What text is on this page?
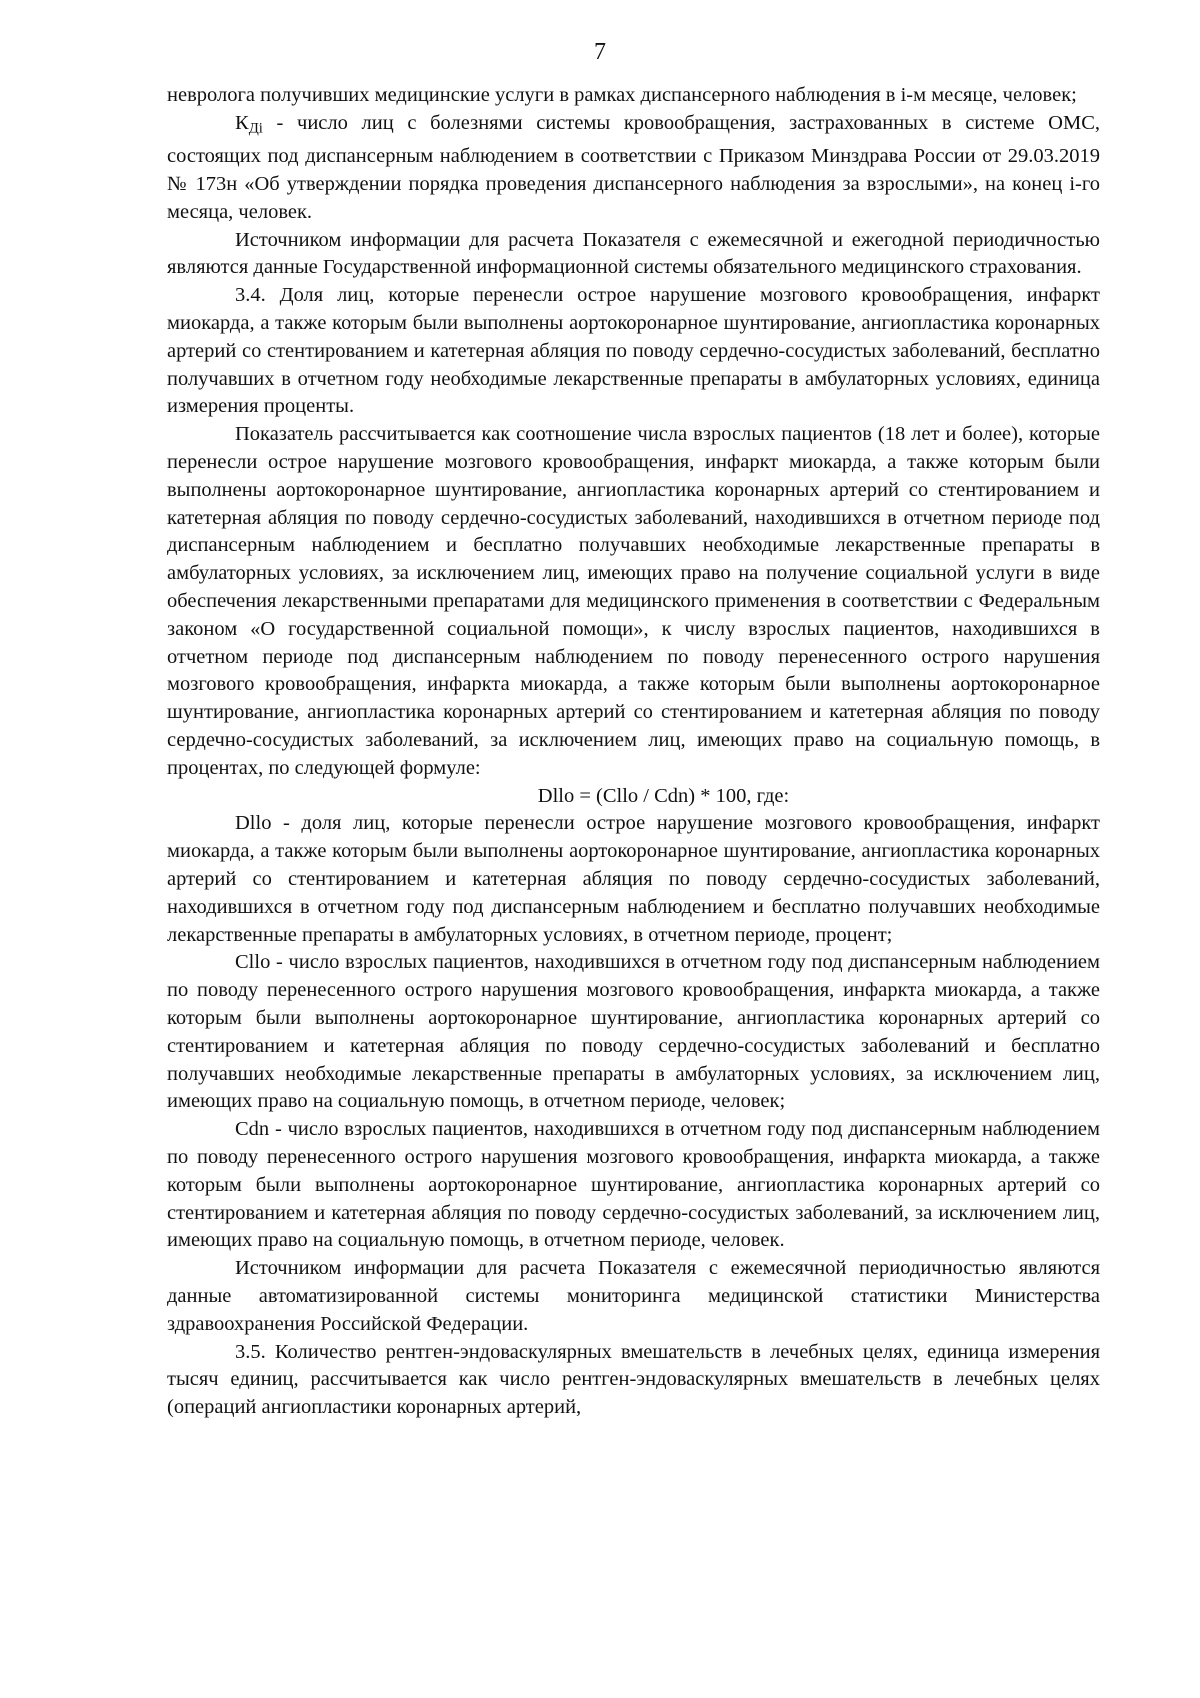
7

невролога получивших медицинские услуги в рамках диспансерного наблюдения в i-м месяце, человек;

КДi - число лиц с болезнями системы кровообращения, застрахованных в системе ОМС, состоящих под диспансерным наблюдением в соответствии с Приказом Минздрава России от 29.03.2019 № 173н «Об утверждении порядка проведения диспансерного наблюдения за взрослыми», на конец i-го месяца, человек.

Источником информации для расчета Показателя с ежемесячной и ежегодной периодичностью являются данные Государственной информационной системы обязательного медицинского страхования.

3.4. Доля лиц, которые перенесли острое нарушение мозгового кровообращения, инфаркт миокарда, а также которым были выполнены аортокоронарное шунтирование, ангиопластика коронарных артерий со стентированием и катетерная абляция по поводу сердечно-сосудистых заболеваний, бесплатно получавших в отчетном году необходимые лекарственные препараты в амбулаторных условиях, единица измерения проценты.

Показатель рассчитывается как соотношение числа взрослых пациентов (18 лет и более), которые перенесли острое нарушение мозгового кровообращения, инфаркт миокарда, а также которым были выполнены аортокоронарное шунтирование, ангиопластика коронарных артерий со стентированием и катетерная абляция по поводу сердечно-сосудистых заболеваний, находившихся в отчетном периоде под диспансерным наблюдением и бесплатно получавших необходимые лекарственные препараты в амбулаторных условиях, за исключением лиц, имеющих право на получение социальной услуги в виде обеспечения лекарственными препаратами для медицинского применения в соответствии с Федеральным законом «О государственной социальной помощи», к числу взрослых пациентов, находившихся в отчетном периоде под диспансерным наблюдением по поводу перенесенного острого нарушения мозгового кровообращения, инфаркта миокарда, а также которым были выполнены аортокоронарное шунтирование, ангиопластика коронарных артерий со стентированием и катетерная абляция по поводу сердечно-сосудистых заболеваний, за исключением лиц, имеющих право на социальную помощь, в процентах, по следующей формуле:

Dllo = (Cllo / Cdn) * 100, где:

Dllo - доля лиц, которые перенесли острое нарушение мозгового кровообращения, инфаркт миокарда, а также которым были выполнены аортокоронарное шунтирование, ангиопластика коронарных артерий со стентированием и катетерная абляция по поводу сердечно-сосудистых заболеваний, находившихся в отчетном году под диспансерным наблюдением и бесплатно получавших необходимые лекарственные препараты в амбулаторных условиях, в отчетном периоде, процент;

Cllo - число взрослых пациентов, находившихся в отчетном году под диспансерным наблюдением по поводу перенесенного острого нарушения мозгового кровообращения, инфаркта миокарда, а также которым были выполнены аортокоронарное шунтирование, ангиопластика коронарных артерий со стентированием и катетерная абляция по поводу сердечно-сосудистых заболеваний и бесплатно получавших необходимые лекарственные препараты в амбулаторных условиях, за исключением лиц, имеющих право на социальную помощь, в отчетном периоде, человек;

Cdn - число взрослых пациентов, находившихся в отчетном году под диспансерным наблюдением по поводу перенесенного острого нарушения мозгового кровообращения, инфаркта миокарда, а также которым были выполнены аортокоронарное шунтирование, ангиопластика коронарных артерий со стентированием и катетерная абляция по поводу сердечно-сосудистых заболеваний, за исключением лиц, имеющих право на социальную помощь, в отчетном периоде, человек.

Источником информации для расчета Показателя с ежемесячной периодичностью являются данные автоматизированной системы мониторинга медицинской статистики Министерства здравоохранения Российской Федерации.

3.5. Количество рентген-эндоваскулярных вмешательств в лечебных целях, единица измерения тысяч единиц, рассчитывается как число рентген-эндоваскулярных вмешательств в лечебных целях (операций ангиопластики коронарных артерий,
